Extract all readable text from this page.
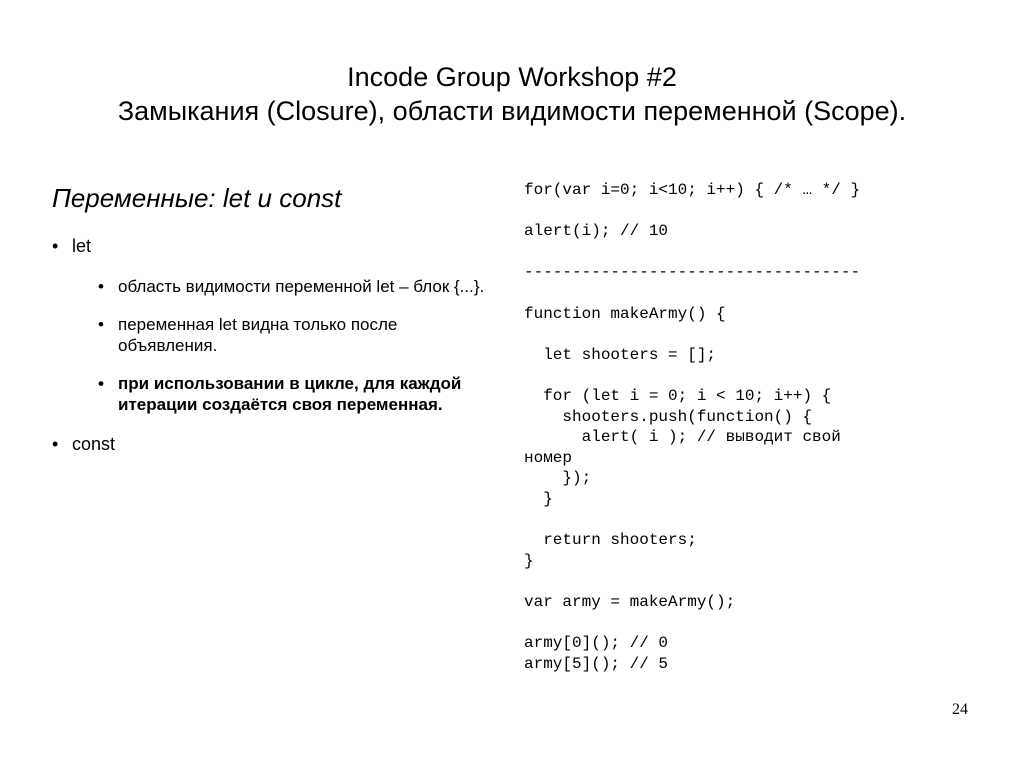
Incode Group Workshop #2
Замыкания (Closure), области видимости переменной (Scope).
Переменные: let и const
• let
• область видимости переменной let – блок {...}.
• переменная let видна только после объявления.
• при использовании в цикле, для каждой итерации создаётся своя переменная.
• const
for(var i=0; i<10; i++) { /* … */ }

alert(i); // 10

-----------------------------------

function makeArmy() {

let shooters = [];

for (let i = 0; i < 10; i++) {
shooters.push(function() {
alert( i ); // выводит свой
номер
});
}

return shooters;
}

var army = makeArmy();

army[0](); // 0
army[5](); // 5
24
